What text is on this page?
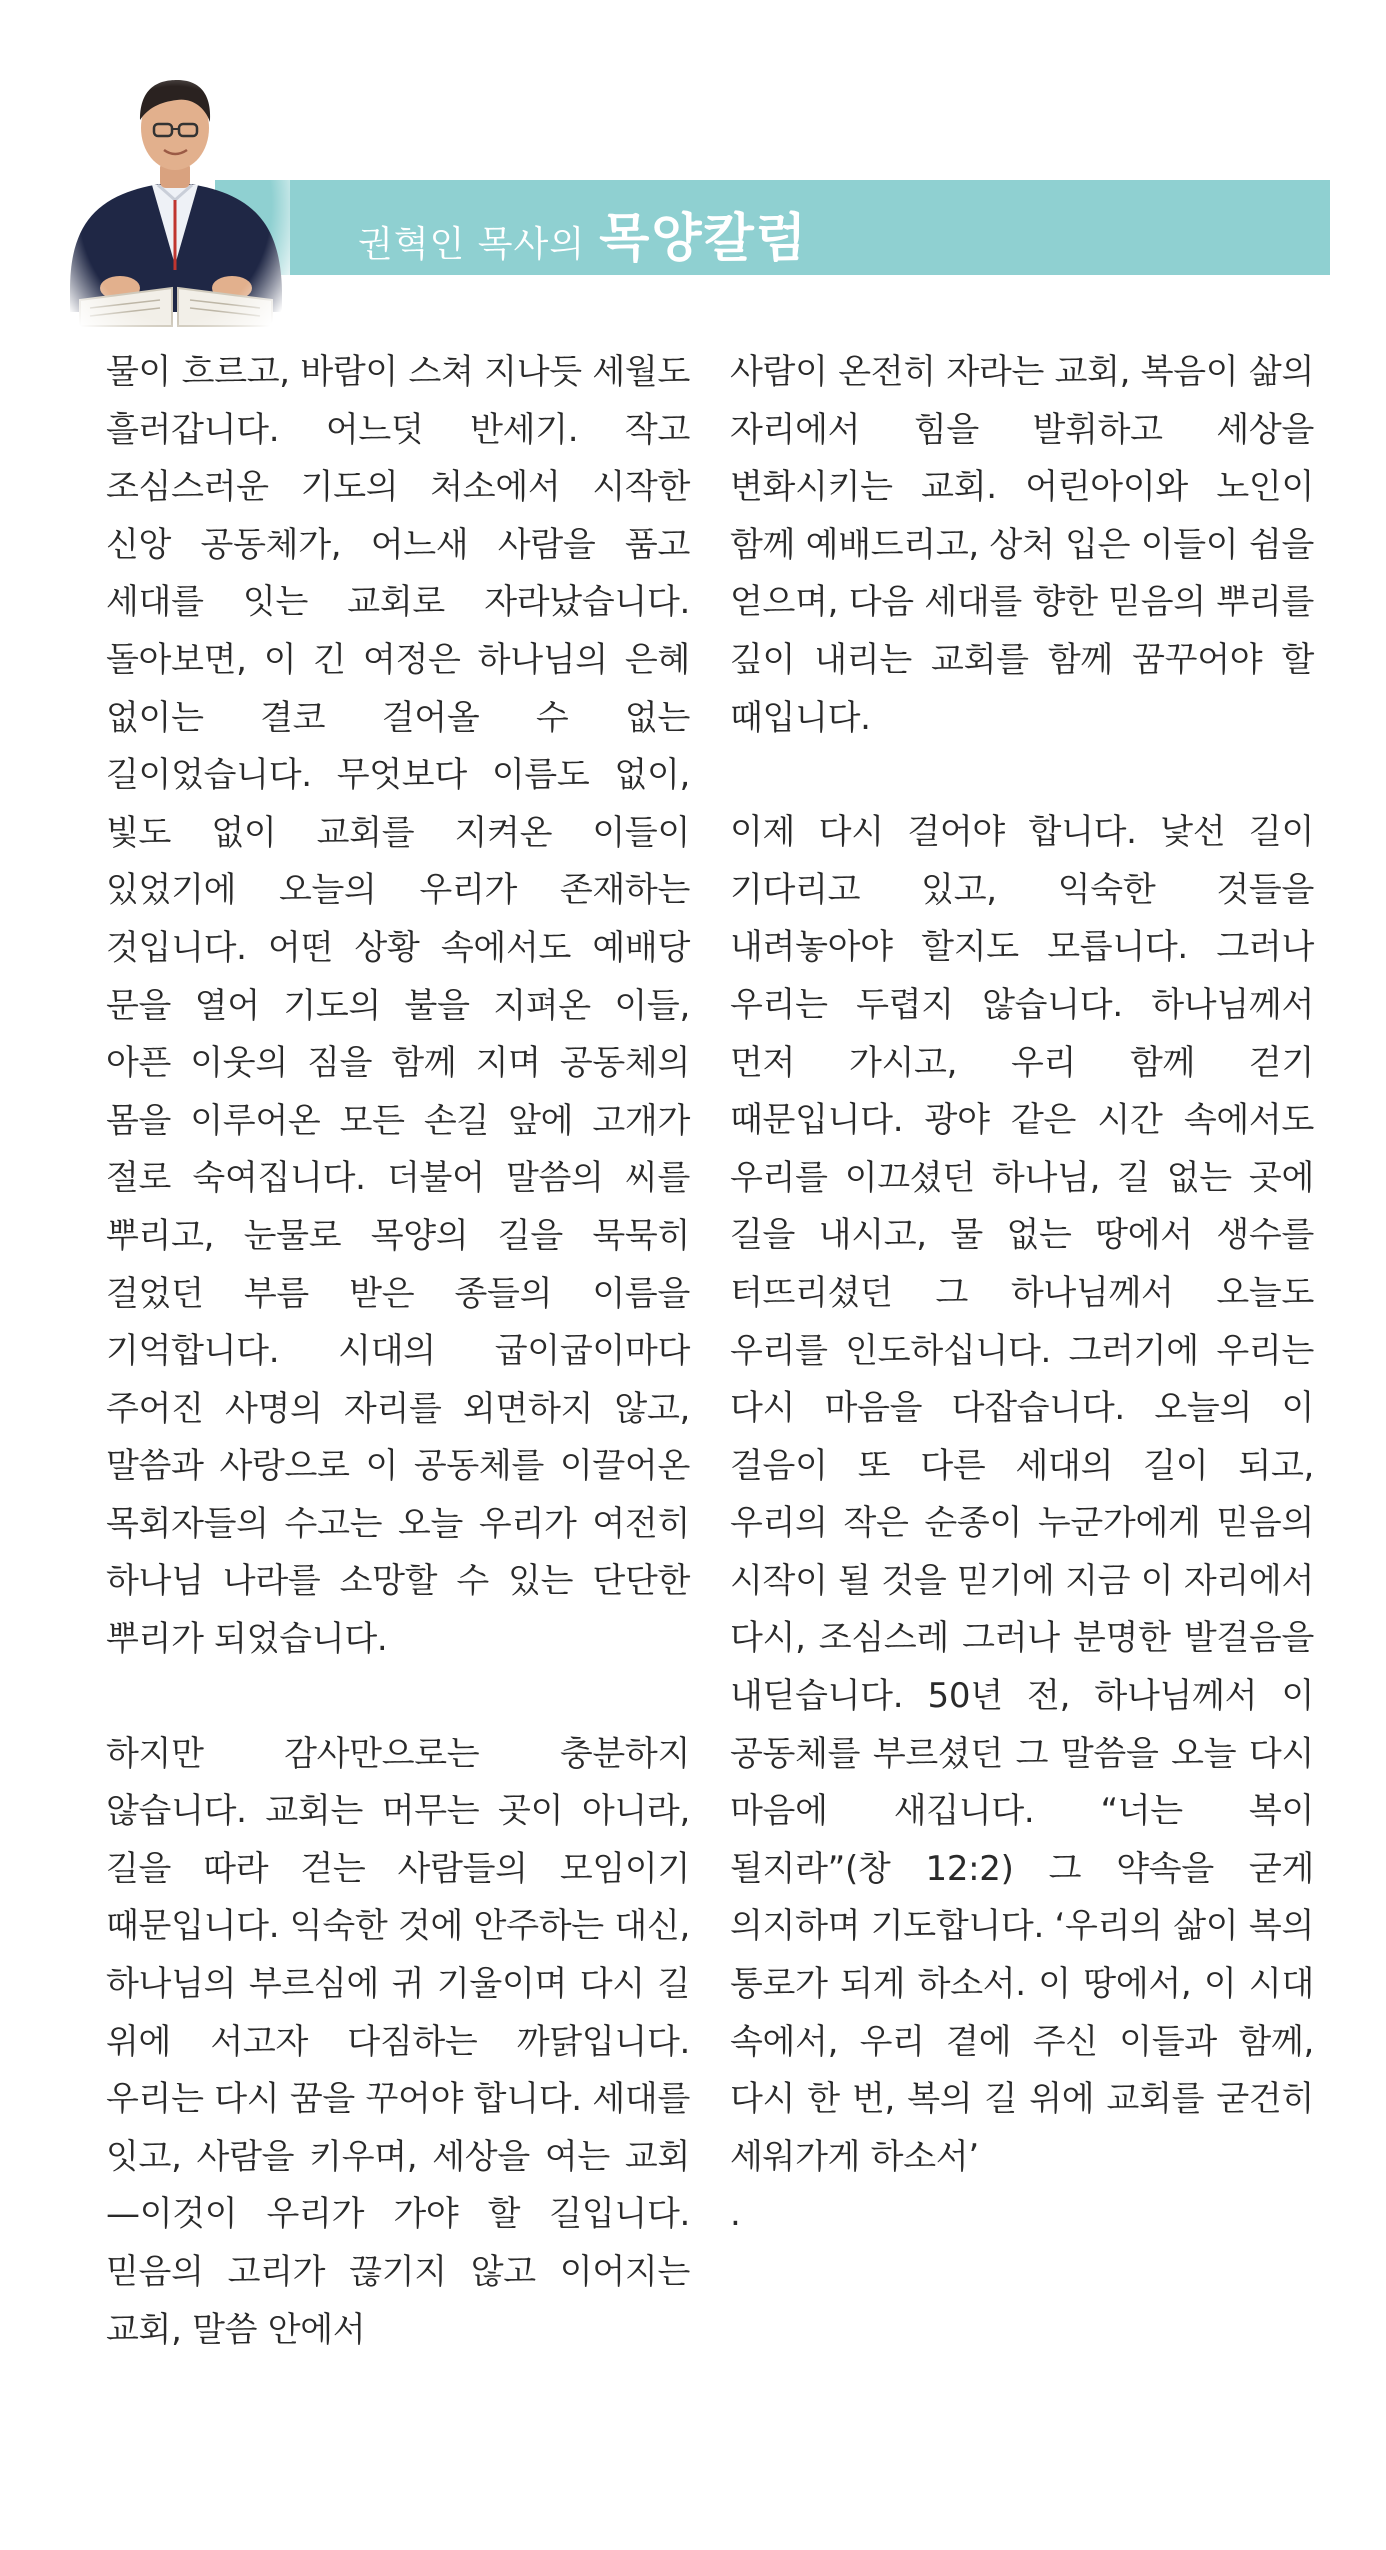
권혁인 목사의 목양칼럼

물이 흐르고, 바람이 스쳐 지나듯 세월도 흘러갑니다. 어느덧 반세기. 작고 조심스러운 기도의 처소에서 시작한 신앙 공동체가, 어느새 사람을 품고 세대를 잇는 교회로 자라났습니다. 돌아보면, 이 긴 여정은 하나님의 은혜 없이는 결코 걸어올 수 없는 길이었습니다. 무엇보다 이름도 없이, 빛도 없이 교회를 지켜온 이들이 있었기에 오늘의 우리가 존재하는 것입니다. 어떤 상황 속에서도 예배당 문을 열어 기도의 불을 지펴온 이들, 아픈 이웃의 짐을 함께 지며 공동체의 몸을 이루어온 모든 손길 앞에 고개가 절로 숙여집니다. 더불어 말씀의 씨를 뿌리고, 눈물로 목양의 길을 묵묵히 걸었던 부름 받은 종들의 이름을 기억합니다. 시대의 굽이굽이마다 주어진 사명의 자리를 외면하지 않고, 말씀과 사랑으로 이 공동체를 이끌어온 목회자들의 수고는 오늘 우리가 여전히 하나님 나라를 소망할 수 있는 단단한 뿌리가 되었습니다.

하지만 감사만으로는 충분하지 않습니다. 교회는 머무는 곳이 아니라, 길을 따라 걷는 사람들의 모임이기 때문입니다. 익숙한 것에 안주하는 대신, 하나님의 부르심에 귀 기울이며 다시 길 위에 서고자 다짐하는 까닭입니다. 우리는 다시 꿈을 꾸어야 합니다. 세대를 잇고, 사람을 키우며, 세상을 여는 교회—이것이 우리가 가야 할 길입니다. 믿음의 고리가 끊기지 않고 이어지는 교회, 말씀 안에서

사람이 온전히 자라는 교회, 복음이 삶의 자리에서 힘을 발휘하고 세상을 변화시키는 교회. 어린아이와 노인이 함께 예배드리고, 상처 입은 이들이 쉼을 얻으며, 다음 세대를 향한 믿음의 뿌리를 깊이 내리는 교회를 함께 꿈꾸어야 할 때입니다.

이제 다시 걸어야 합니다. 낯선 길이 기다리고 있고, 익숙한 것들을 내려놓아야 할지도 모릅니다. 그러나 우리는 두렵지 않습니다. 하나님께서 먼저 가시고, 우리 함께 걷기 때문입니다. 광야 같은 시간 속에서도 우리를 이끄셨던 하나님, 길 없는 곳에 길을 내시고, 물 없는 땅에서 생수를 터뜨리셨던 그 하나님께서 오늘도 우리를 인도하십니다. 그러기에 우리는 다시 마음을 다잡습니다. 오늘의 이 걸음이 또 다른 세대의 길이 되고, 우리의 작은 순종이 누군가에게 믿음의 시작이 될 것을 믿기에 지금 이 자리에서 다시, 조심스레 그러나 분명한 발걸음을 내딛습니다. 50년 전, 하나님께서 이 공동체를 부르셨던 그 말씀을 오늘 다시 마음에 새깁니다. “너는 복이 될지라”(창 12:2) 그 약속을 굳게 의지하며 기도합니다. ‘우리의 삶이 복의 통로가 되게 하소서. 이 땅에서, 이 시대 속에서, 우리 곁에 주신 이들과 함께, 다시 한 번, 복의 길 위에 교회를 굳건히 세워가게 하소서’

.
